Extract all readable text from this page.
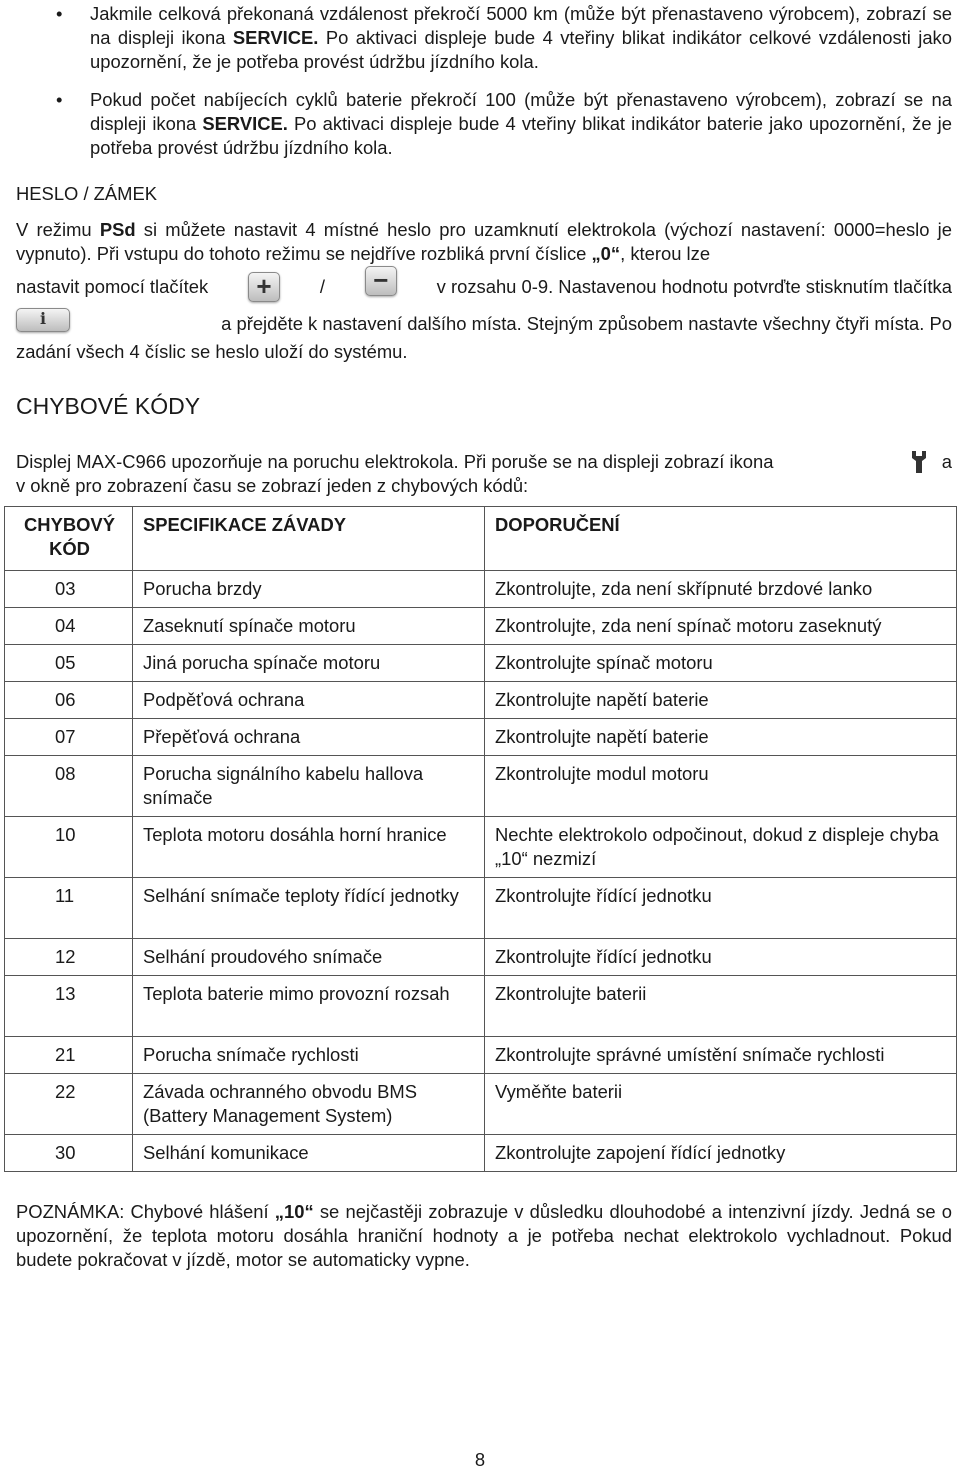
• Jakmile celková překonaná vzdálenost překročí 5000 km (může být přenastaveno výrobcem), zobrazí se na displeji ikona SERVICE. Po aktivaci displeje bude 4 vteřiny blikat indikátor celkové vzdálenosti jako upozornění, že je potřeba provést údržbu jízdního kola.
• Pokud počet nabíjecích cyklů baterie překročí 100 (může být přenastaveno výrobcem), zobrazí se na displeji ikona SERVICE. Po aktivaci displeje bude 4 vteřiny blikat indikátor baterie jako upozornění, že je potřeba provést údržbu jízdního kola.
HESLO / ZÁMEK

V režimu PSd si můžete nastavit 4 místné heslo pro uzamknutí elektrokola (výchozí nastavení: 0000=heslo je vypnuto). Při vstupu do tohoto režimu se nejdříve rozbliká první číslice „0“, kterou lze

nastavit pomocí tlačítek	+	/	−	v rozsahu 0-9. Nastavenou hodnotu potvrďte stisknutím tlačítka
i	a přejděte k nastavení dalšího místa. Stejným způsobem nastavte všechny čtyři místa. Po

zadání všech 4 číslic se heslo uloží do systému.

CHYBOVÉ KÓDY

Displej MAX-C966 upozorňuje na poruchu elektrokola. Při poruše se na displeji zobrazí ikona	a
v okně pro zobrazení času se zobrazí jeden z chybových kódů:

CHYBOVÝ KÓD	SPECIFIKACE ZÁVADY	DOPORUČENÍ
03	Porucha brzdy	Zkontrolujte, zda není skřípnuté brzdové lanko
04	Zaseknutí spínače motoru	Zkontrolujte, zda není spínač motoru zaseknutý
05	Jiná porucha spínače motoru	Zkontrolujte spínač motoru
06	Podpěťová ochrana	Zkontrolujte napětí baterie
07	Přepěťová ochrana	Zkontrolujte napětí baterie
08	Porucha signálního kabelu hallova snímače	Zkontrolujte modul motoru
10	Teplota motoru dosáhla horní hranice	Nechte elektrokolo odpočinout, dokud z displeje chyba „10“ nezmizí
11	Selhání snímače teploty řídící jednotky	Zkontrolujte řídící jednotku
12	Selhání proudového snímače	Zkontrolujte řídící jednotku
13	Teplota baterie mimo provozní rozsah	Zkontrolujte baterii
21	Porucha snímače rychlosti	Zkontrolujte správné umístění snímače rychlosti
22	Závada ochranného obvodu BMS (Battery Management System)	Vyměňte baterii
30	Selhání komunikace	Zkontrolujte zapojení řídící jednotky

POZNÁMKA: Chybové hlášení „10“ se nejčastěji zobrazuje v důsledku dlouhodobé a intenzivní jízdy. Jedná se o upozornění, že teplota motoru dosáhla hraniční hodnoty a je potřeba nechat elektrokolo vychladnout. Pokud budete pokračovat v jízdě, motor se automaticky vypne.

8
